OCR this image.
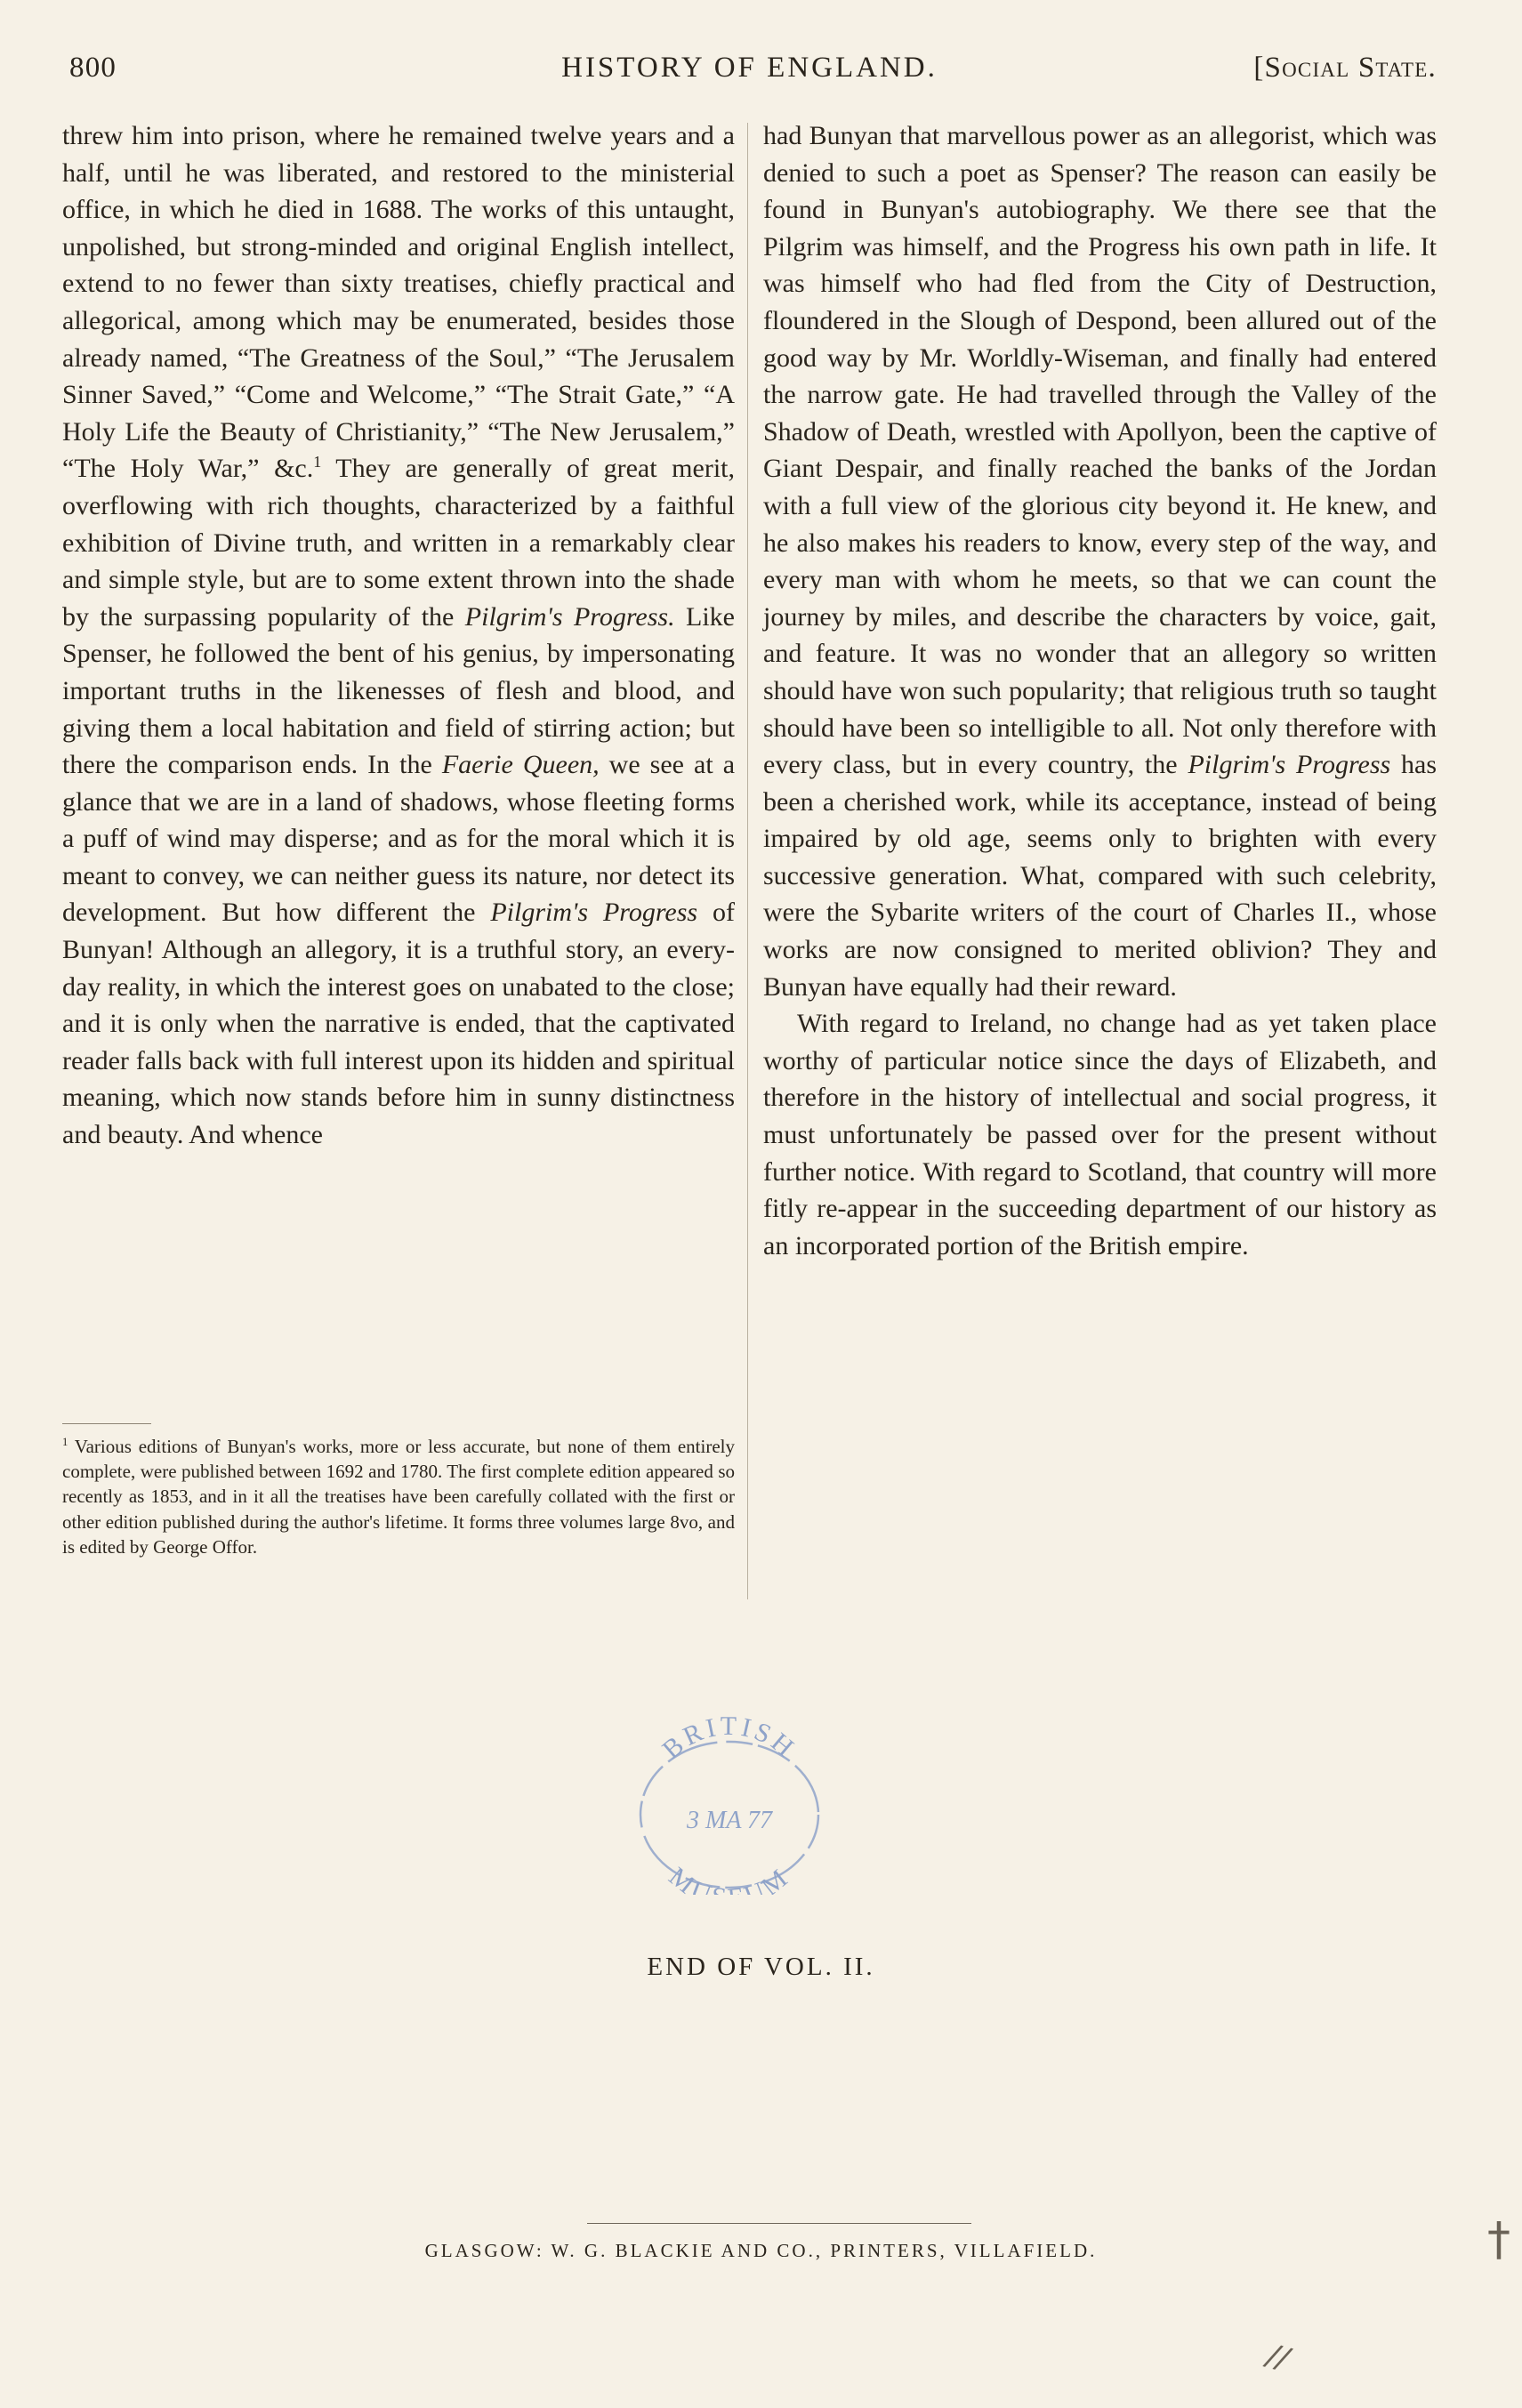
800	HISTORY OF ENGLAND.	[Social State.

threw him into prison, where he remained twelve years and a half, until he was liberated, and restored to the ministerial office, in which he died in 1688. The works of this untaught, unpolished, but strong-minded and original English intellect, extend to no fewer than sixty treatises, chiefly practical and allegorical, among which may be enumerated, besides those already named, “The Greatness of the Soul,” “The Jerusalem Sinner Saved,” “Come and Welcome,” “The Strait Gate,” “A Holy Life the Beauty of Christianity,” “The New Jerusalem,” “The Holy War,” &c.$^1$ They are generally of great merit, overflowing with rich thoughts, characterized by a faithful exhibition of Divine truth, and written in a remarkably clear and simple style, but are to some extent thrown into the shade by the surpassing popularity of the Pilgrim's Progress. Like Spenser, he followed the bent of his genius, by impersonating important truths in the likenesses of flesh and blood, and giving them a local habitation and field of stirring action; but there the comparison ends. In the Faerie Queen, we see at a glance that we are in a land of shadows, whose fleeting forms a puff of wind may disperse; and as for the moral which it is meant to convey, we can neither guess its nature, nor detect its development. But how different the Pilgrim's Progress of Bunyan! Although an allegory, it is a truthful story, an every-day reality, in which the interest goes on unabated to the close; and it is only when the narrative is ended, that the captivated reader falls back with full interest upon its hidden and spiritual meaning, which now stands before him in sunny distinctness and beauty. And whence

$^1$ Various editions of Bunyan's works, more or less accurate, but none of them entirely complete, were published between 1692 and 1780. The first complete edition appeared so recently as 1853, and in it all the treatises have been carefully collated with the first or other edition published during the author's lifetime. It forms three volumes large 8vo, and is edited by George Offor.

had Bunyan that marvellous power as an allegorist, which was denied to such a poet as Spenser? The reason can easily be found in Bunyan's autobiography. We there see that the Pilgrim was himself, and the Progress his own path in life. It was himself who had fled from the City of Destruction, floundered in the Slough of Despond, been allured out of the good way by Mr. Worldly-Wiseman, and finally had entered the narrow gate. He had travelled through the Valley of the Shadow of Death, wrestled with Apollyon, been the captive of Giant Despair, and finally reached the banks of the Jordan with a full view of the glorious city beyond it. He knew, and he also makes his readers to know, every step of the way, and every man with whom he meets, so that we can count the journey by miles, and describe the characters by voice, gait, and feature. It was no wonder that an allegory so written should have won such popularity; that religious truth so taught should have been so intelligible to all. Not only therefore with every class, but in every country, the Pilgrim's Progress has been a cherished work, while its acceptance, instead of being impaired by old age, seems only to brighten with every successive generation. What, compared with such celebrity, were the Sybarite writers of the court of Charles II., whose works are now consigned to merited oblivion? They and Bunyan have equally had their reward.

With regard to Ireland, no change had as yet taken place worthy of particular notice since the days of Elizabeth, and therefore in the history of intellectual and social progress, it must unfortunately be passed over for the present without further notice. With regard to Scotland, that country will more fitly re-appear in the succeeding department of our history as an incorporated portion of the British empire.

BRITISH
3 MA 77
MU UM
END OF VOL. II.
GLASGOW: W. G. BLACKIE AND CO., PRINTERS, VILLAFIELD.	†
//
